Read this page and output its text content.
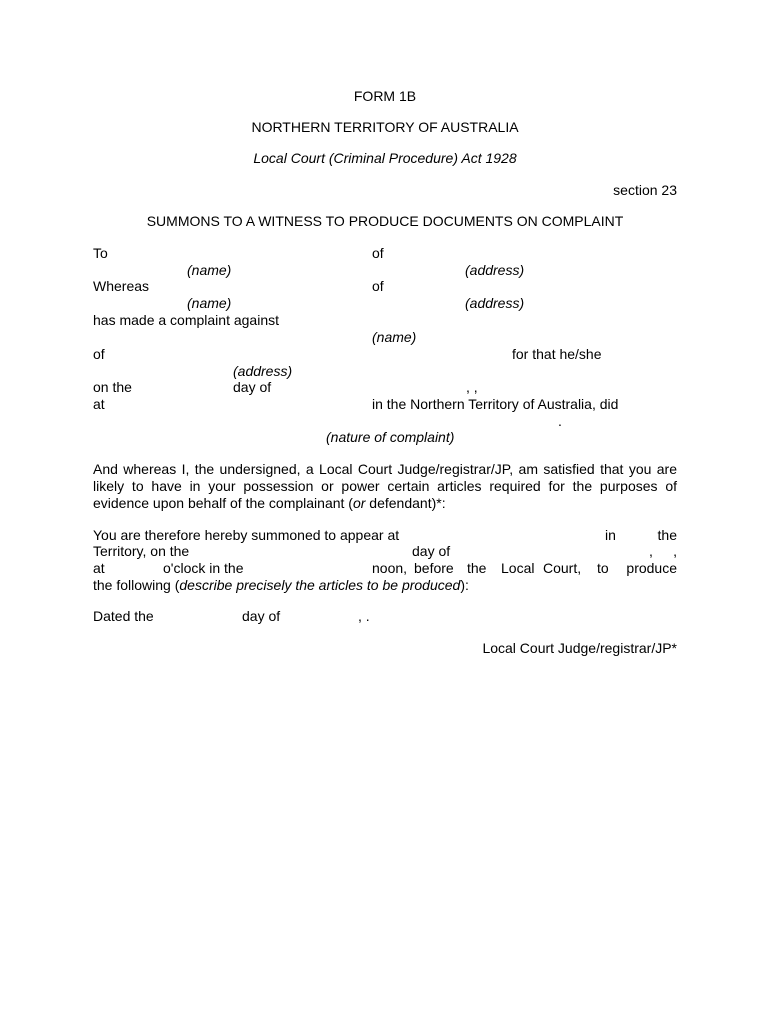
FORM 1B
NORTHERN TERRITORY OF AUSTRALIA
Local Court (Criminal Procedure) Act 1928
section 23
SUMMONS TO A WITNESS TO PRODUCE DOCUMENTS ON COMPLAINT
To	of
(name)	(address)
Whereas	of
(name)	(address)
has made a complaint against
(name)
of	for that he/she
(address)
on the	day of	, ,
at	in the Northern Territory of Australia, did
.
(nature of complaint)
And whereas I, the undersigned, a Local Court Judge/registrar/JP, am satisfied that you are likely to have in your possession or power certain articles required for the purposes of evidence upon behalf of the complainant (or defendant)*:
You are therefore hereby summoned to appear at	in	the
Territory, on the	day of	, ,
at	o'clock in the	noon, before the Local Court, to produce
the following (describe precisely the articles to be produced):
Dated the	day of	, .
Local Court Judge/registrar/JP*
